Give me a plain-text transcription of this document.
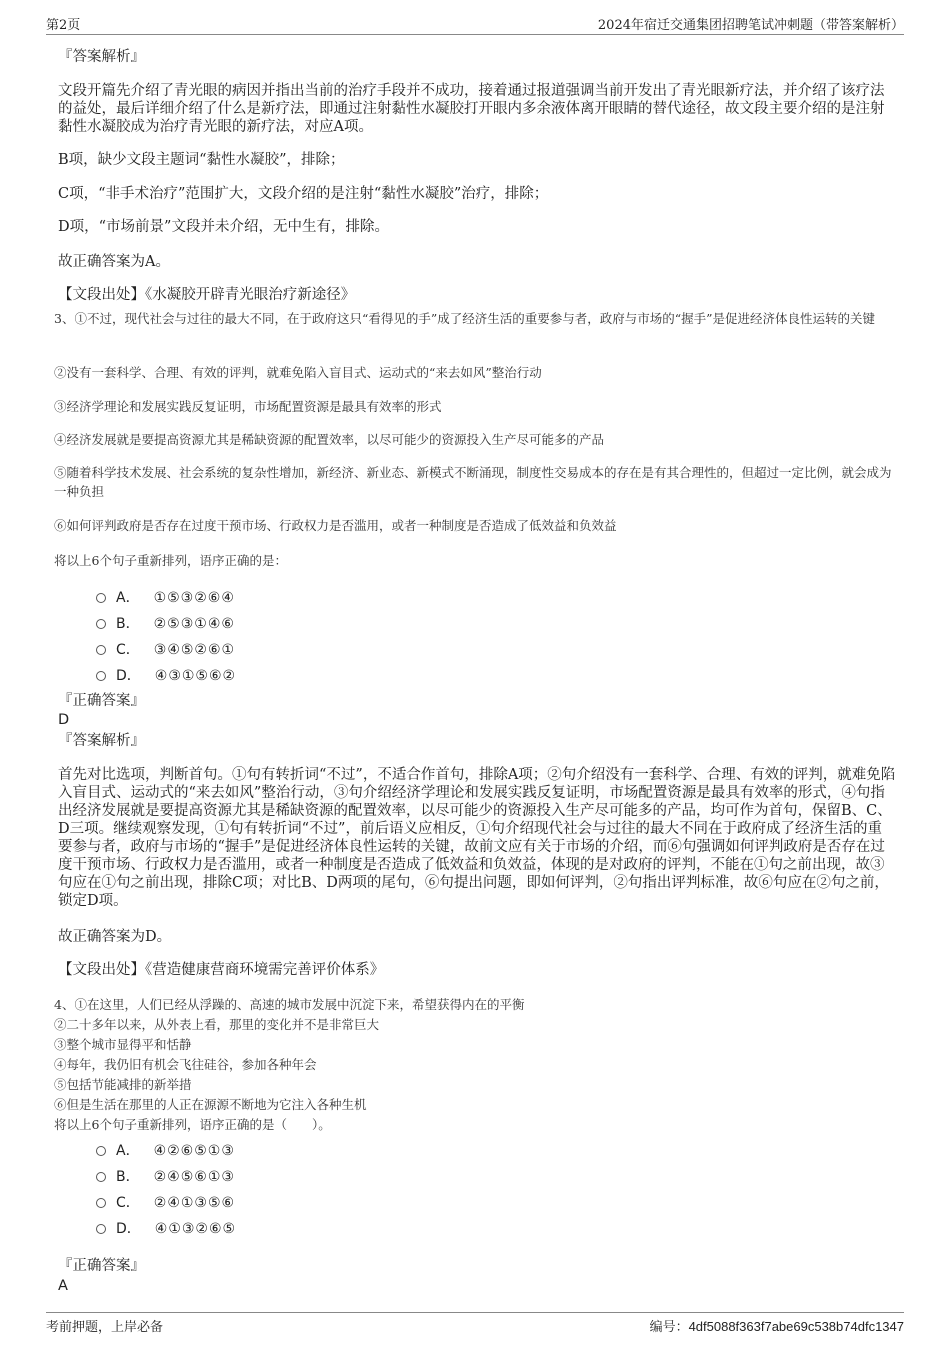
第2页	2024年宿迁交通集团招聘笔试冲刺题（带答案解析）
『答案解析』
文段开篇先介绍了青光眼的病因并指出当前的治疗手段并不成功，接着通过报道强调当前开发出了青光眼新疗法，并介绍了该疗法的益处，最后详细介绍了什么是新疗法，即通过注射黏性水凝胶打开眼内多余液体离开眼睛的替代途径，故文段主要介绍的是注射黏性水凝胶成为治疗青光眼的新疗法，对应A项。
B项，缺少文段主题词“黏性水凝胶”，排除；
C项，“非手术治疗”范围扩大，文段介绍的是注射“黏性水凝胶”治疗，排除；
D项，“市场前景”文段并未介绍，无中生有，排除。
故正确答案为A。
【文段出处】《水凝胶开辟青光眼治疗新途径》
3、①不过，现代社会与过往的最大不同，在于政府这只“看得见的手”成了经济生活的重要参与者，政府与市场的“握手”是促进经济体良性运转的关键
②没有一套科学、合理、有效的评判，就难免陷入盲目式、运动式的“来去如风”整治行动
③经济学理论和发展实践反复证明，市场配置资源是最具有效率的形式
④经济发展就是要提高资源尤其是稀缺资源的配置效率，以尽可能少的资源投入生产尽可能多的产品
⑤随着科学技术发展、社会系统的复杂性增加，新经济、新业态、新模式不断涌现，制度性交易成本的存在是有其合理性的，但超过一定比例，就会成为一种负担
⑥如何评判政府是否存在过度干预市场、行政权力是否滥用，或者一种制度是否造成了低效益和负效益
将以上6个句子重新排列，语序正确的是：
A． ①⑤③②⑥④
B． ②⑤③①④⑥
C． ③④⑤②⑥①
D． ④③①⑤⑥②
『正确答案』
D
『答案解析』
首先对比选项，判断首句。①句有转折词“不过”，不适合作首句，排除A项；②句介绍没有一套科学、合理、有效的评判，就难免陷入盲目式、运动式的“来去如风”整治行动，③句介绍经济学理论和发展实践反复证明，市场配置资源是最具有效率的形式，④句指出经济发展就是要提高资源尤其是稀缺资源的配置效率，以尽可能少的资源投入生产尽可能多的产品，均可作为首句，保留B、C、D三项。继续观察发现，①句有转折词“不过”，前后语义应相反，①句介绍现代社会与过往的最大不同在于政府成了经济生活的重要参与者，政府与市场的“握手”是促进经济体良性运转的关键，故前文应有关于市场的介绍，而⑥句强调如何评判政府是否存在过度干预市场、行政权力是否滥用，或者一种制度是否造成了低效益和负效益，体现的是对政府的评判，不能在①句之前出现，故③句应在①句之前出现，排除C项；对比B、D两项的尾句，⑥句提出问题，即如何评判，②句指出评判标准，故⑥句应在②句之前，锁定D项。
故正确答案为D。
【文段出处】《营造健康营商环境需完善评价体系》
4、①在这里，人们已经从浮躁的、高速的城市发展中沉淀下来，希望获得内在的平衡
②二十多年以来，从外表上看，那里的变化并不是非常巨大
③整个城市显得平和恬静
④每年，我仍旧有机会飞往硅谷，参加各种年会
⑤包括节能减排的新举措
⑥但是生活在那里的人正在源源不断地为它注入各种生机
将以上6个句子重新排列，语序正确的是（　　）。
A． ④②⑥⑤①③
B． ②④⑤⑥①③
C． ②④①③⑤⑥
D． ④①③②⑥⑤
『正确答案』
A
考前押题，上岸必备	编号：4df5088f363f7abe69c538b74dfc1347
